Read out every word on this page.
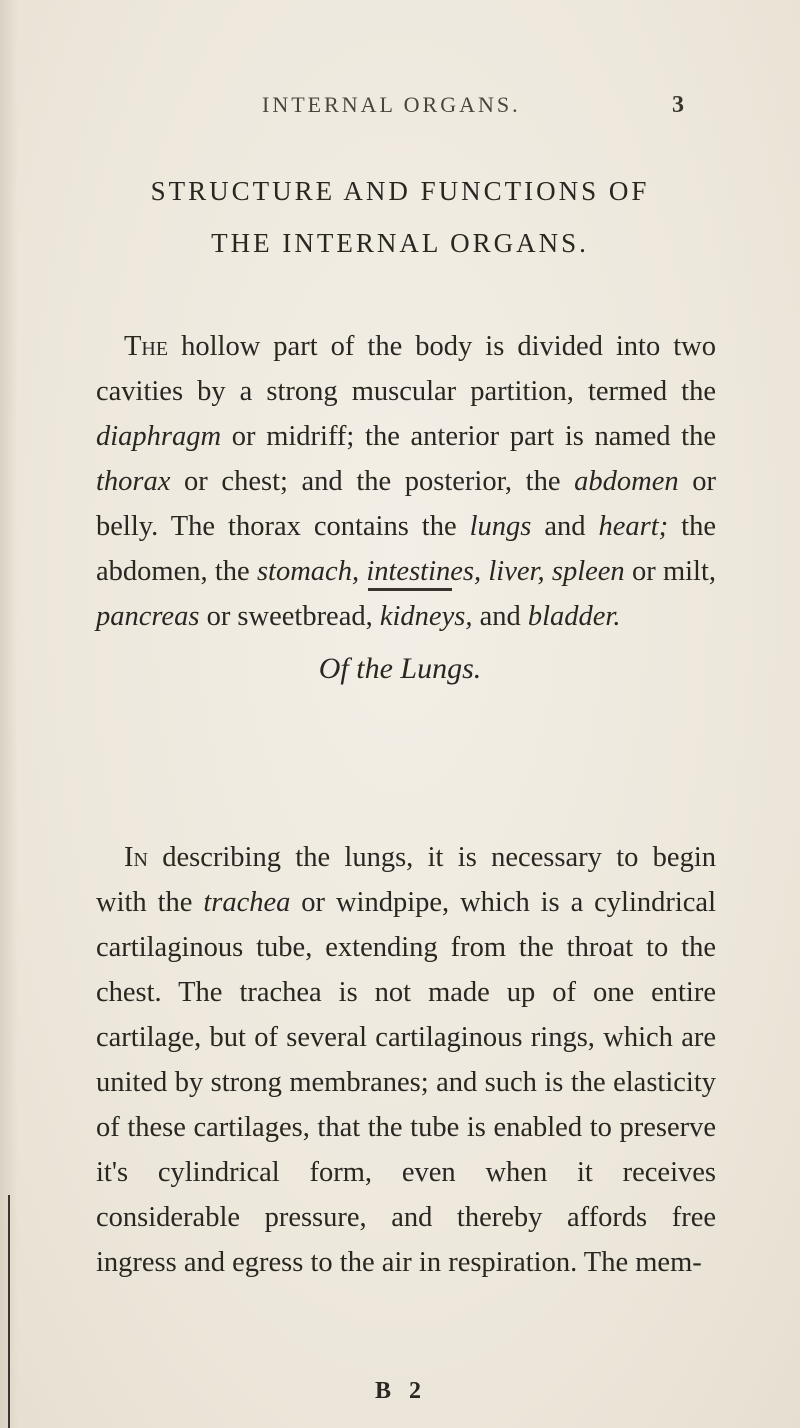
INTERNAL ORGANS.	3
STRUCTURE AND FUNCTIONS OF
THE INTERNAL ORGANS.

The hollow part of the body is divided into two cavities by a strong muscular partition, termed the diaphragm or midriff; the anterior part is named the thorax or chest; and the posterior, the abdomen or belly. The thorax contains the lungs and heart; the abdomen, the stomach, intestines, liver, spleen or milt, pancreas or sweetbread, kidneys, and bladder.

Of the Lungs.

In describing the lungs, it is necessary to begin with the trachea or windpipe, which is a cylindrical cartilaginous tube, extending from the throat to the chest. The trachea is not made up of one entire cartilage, but of several cartilaginous rings, which are united by strong membranes; and such is the elasticity of these cartilages, that the tube is enabled to preserve it's cylindrical form, even when it receives considerable pressure, and thereby affords free ingress and egress to the air in respiration. The mem-

B 2
